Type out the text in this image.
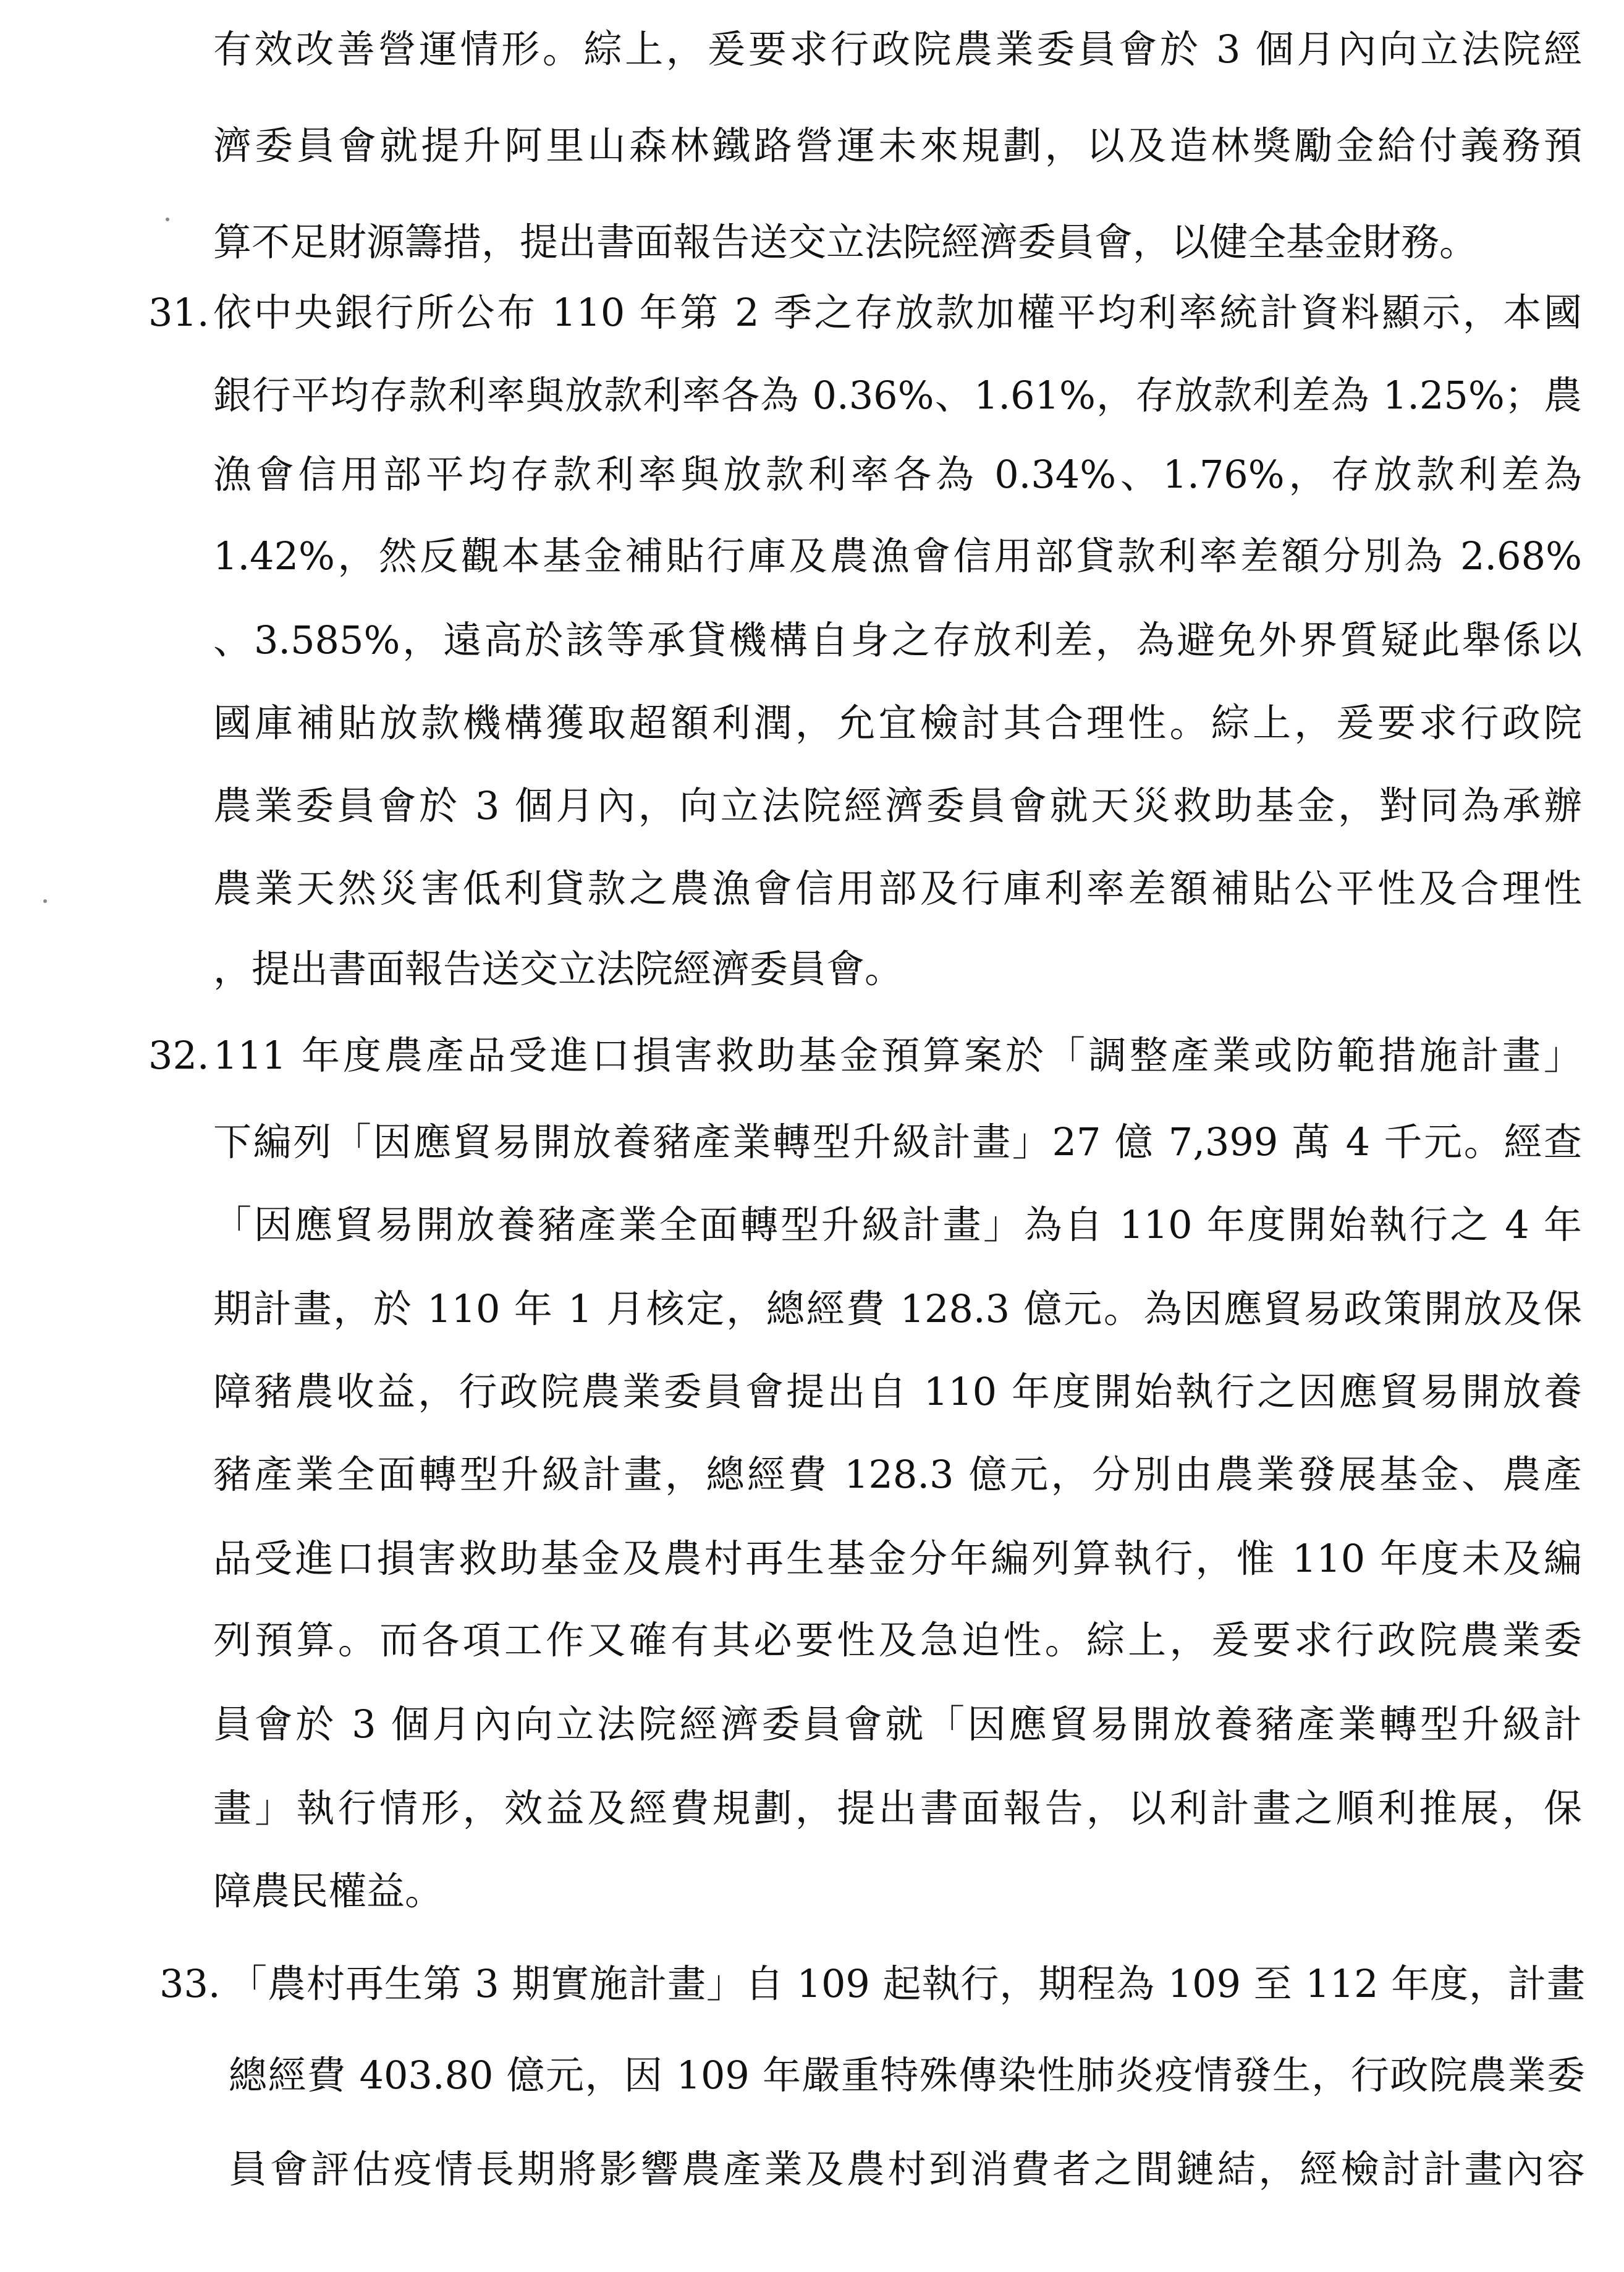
有效改善營運情形。綜上，爰要求行政院農業委員會於 3 個月內向立法院經
濟委員會就提升阿里山森林鐵路營運未來規劃，以及造林獎勵金給付義務預
算不足財源籌措，提出書面報告送交立法院經濟委員會，以健全基金財務。
31. 依中央銀行所公布 110 年第 2 季之存放款加權平均利率統計資料顯示，本國
銀行平均存款利率與放款利率各為 0.36%、1.61%，存放款利差為 1.25%；農
漁會信用部平均存款利率與放款利率各為 0.34%、1.76%，存放款利差為
1.42%，然反觀本基金補貼行庫及農漁會信用部貸款利率差額分別為 2.68%
、3.585%，遠高於該等承貸機構自身之存放利差，為避免外界質疑此舉係以
國庫補貼放款機構獲取超額利潤，允宜檢討其合理性。綜上，爰要求行政院
農業委員會於 3 個月內，向立法院經濟委員會就天災救助基金，對同為承辦
農業天然災害低利貸款之農漁會信用部及行庫利率差額補貼公平性及合理性
，提出書面報告送交立法院經濟委員會。
32. 111 年度農產品受進口損害救助基金預算案於「調整產業或防範措施計畫」
下編列「因應貿易開放養豬產業轉型升級計畫」27 億 7,399 萬 4 千元。經查
「因應貿易開放養豬產業全面轉型升級計畫」為自 110 年度開始執行之 4 年
期計畫，於 110 年 1 月核定，總經費 128.3 億元。為因應貿易政策開放及保
障豬農收益，行政院農業委員會提出自 110 年度開始執行之因應貿易開放養
豬產業全面轉型升級計畫，總經費 128.3 億元，分別由農業發展基金、農產
品受進口損害救助基金及農村再生基金分年編列算執行，惟 110 年度未及編
列預算。而各項工作又確有其必要性及急迫性。綜上，爰要求行政院農業委
員會於 3 個月內向立法院經濟委員會就「因應貿易開放養豬產業轉型升級計
畫」執行情形，效益及經費規劃，提出書面報告，以利計畫之順利推展，保
障農民權益。
33. 「農村再生第 3 期實施計畫」自 109 起執行，期程為 109 至 112 年度，計畫
總經費 403.80 億元，因 109 年嚴重特殊傳染性肺炎疫情發生，行政院農業委
員會評估疫情長期將影響農產業及農村到消費者之間鏈結，經檢討計畫內容
